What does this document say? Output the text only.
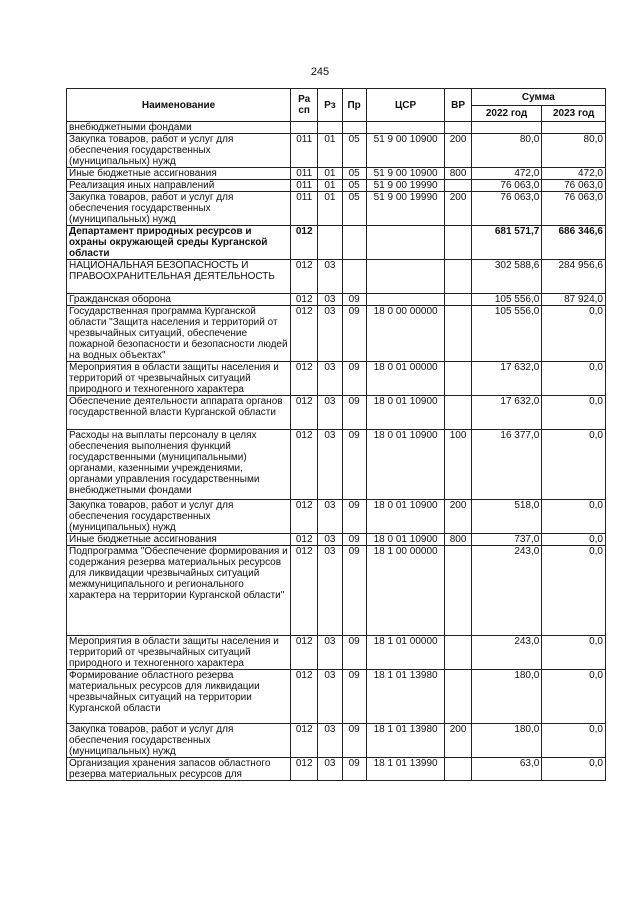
245
Наименование	Ра сп	Рз	Пр	ЦСР	ВР	Сумма	
						2022 год	2023 год
внебюджетными фондами							
Закупка товаров, работ и услуг для обеспечения государственных (муниципальных) нужд	011	01	05	51 9 00 10900	200	80,0	80,0
Иные бюджетные ассигнования	011	01	05	51 9 00 10900	800	472,0	472,0
Реализация иных направлений	011	01	05	51 9 00 19990		76 063,0	76 063,0
Закупка товаров, работ и услуг для обеспечения государственных (муниципальных) нужд	011	01	05	51 9 00 19990	200	76 063,0	76 063,0
Департамент природных ресурсов и охраны окружающей среды Курганской области	012					681 571,7	686 346,6
НАЦИОНАЛЬНАЯ БЕЗОПАСНОСТЬ И ПРАВООХРАНИТЕЛЬНАЯ ДЕЯТЕЛЬНОСТЬ	012	03				302 588,6	284 956,6
Гражданская оборона	012	03	09			105 556,0	87 924,0
Государственная программа Курганской области "Защита населения и территорий от чрезвычайных ситуаций, обеспечение пожарной безопасности и безопасности людей на водных объектах"	012	03	09	18 0 00 00000		105 556,0	0,0
Мероприятия в области защиты населения и территорий от чрезвычайных ситуаций природного и техногенного характера	012	03	09	18 0 01 00000		17 632,0	0,0
Обеспечение деятельности аппарата органов государственной власти Курганской области	012	03	09	18 0 01 10900		17 632,0	0,0
Расходы на выплаты персоналу в целях обеспечения выполнения функций государственными (муниципальными) органами, казенными учреждениями, органами управления государственными внебюджетными фондами	012	03	09	18 0 01 10900	100	16 377,0	0,0
Закупка товаров, работ и услуг для обеспечения государственных (муниципальных) нужд	012	03	09	18 0 01 10900	200	518,0	0,0
Иные бюджетные ассигнования	012	03	09	18 0 01 10900	800	737,0	0,0
Подпрограмма "Обеспечение формирования и содержания резерва материальных ресурсов для ликвидации чрезвычайных ситуаций межмуниципального и регионального характера на территории Курганской области"	012	03	09	18 1 00 00000		243,0	0,0
Мероприятия в области защиты населения и территорий от чрезвычайных ситуаций природного и техногенного характера	012	03	09	18 1 01 00000		243,0	0,0
Формирование областного резерва материальных ресурсов для ликвидации чрезвычайных ситуаций на территории Курганской области	012	03	09	18 1 01 13980		180,0	0,0
Закупка товаров, работ и услуг для обеспечения государственных (муниципальных) нужд	012	03	09	18 1 01 13980	200	180,0	0,0
Организация хранения запасов областного резерва материальных ресурсов для	012	03	09	18 1 01 13990		63,0	0,0
